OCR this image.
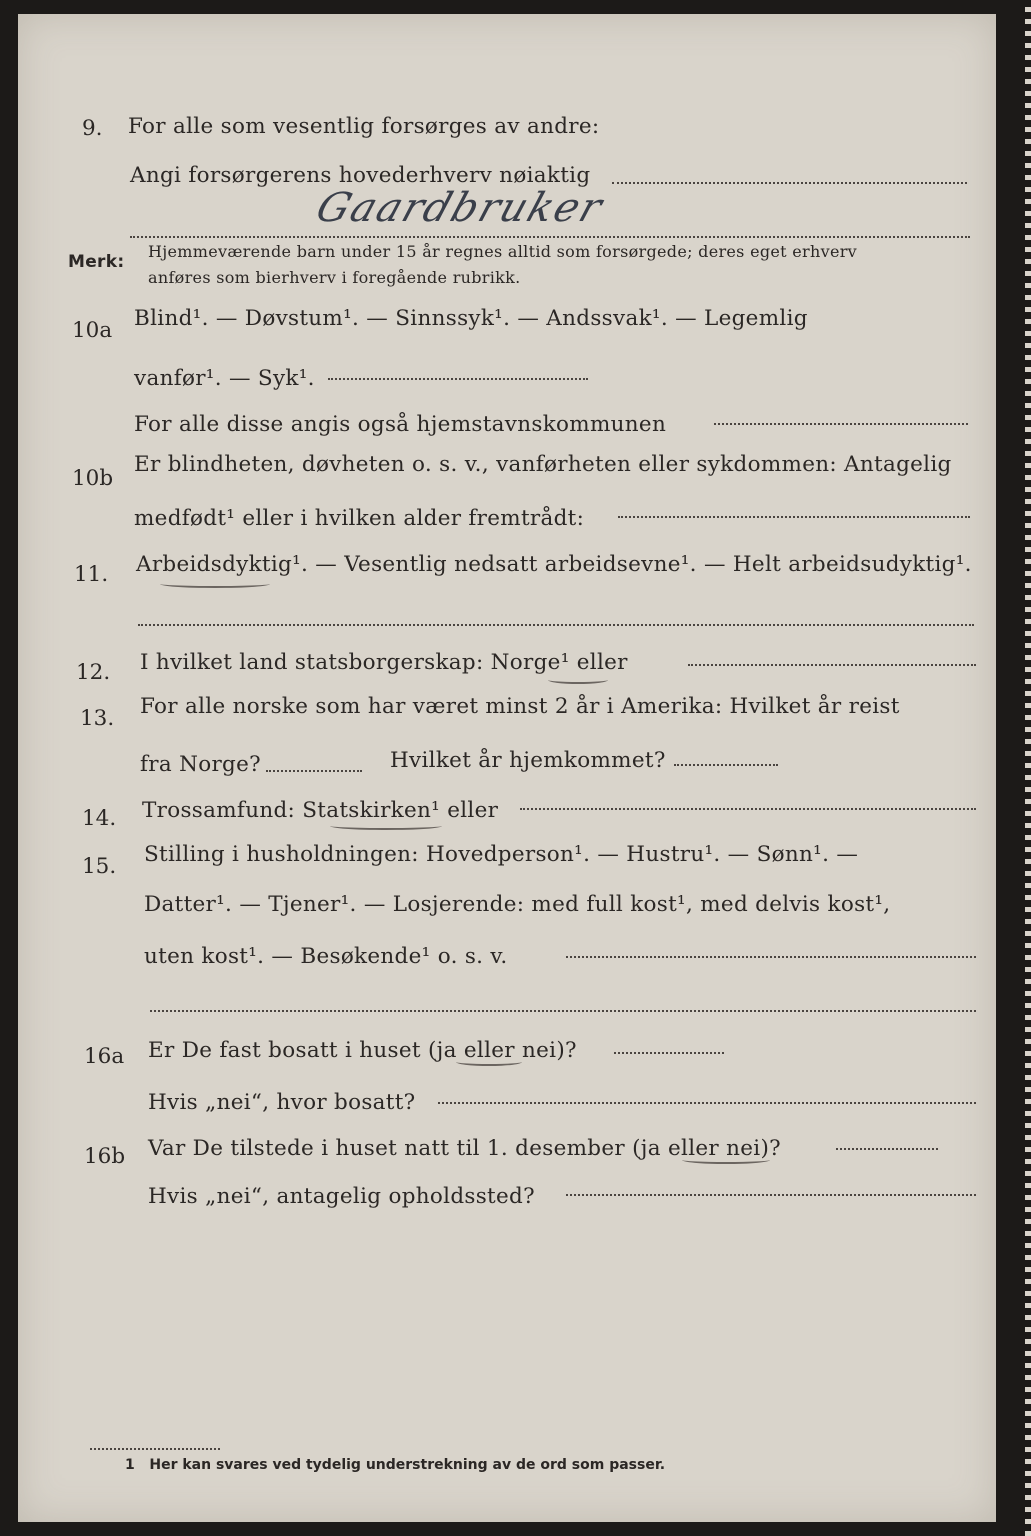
9. For alle som vesentlig forsørges av andre:
Angi forsørgerens hovederhverv nøiaktig
Gaardbruker
Merk:
Hjemmeværende barn under 15 år regnes alltid som forsørgede; deres eget erhverv
anføres som bierhverv i foregående rubrikk.
10a Blind¹. — Døvstum¹. — Sinnssyk¹. — Andssvak¹. — Legemlig
vanfør¹. — Syk¹.
For alle disse angis også hjemstavnskommunen
10b
Er blindheten, døvheten o. s. v., vanførheten eller sykdommen: Antagelig
medfødt¹ eller i hvilken alder fremtrådt:
11. Arbeidsdyktig¹. — Vesentlig nedsatt arbeidsevne¹. — Helt arbeidsudyktig¹.
12. I hvilket land statsborgerskap: Norge¹ eller
13. For alle norske som har været minst 2 år i Amerika: Hvilket år reist
fra Norge?	Hvilket år hjemkommet?
14. Trossamfund: Statskirken¹ eller
15. Stilling i husholdningen: Hovedperson¹. — Hustru¹. — Sønn¹. —
Datter¹. — Tjener¹. — Losjerende: med full kost¹, med delvis kost¹,
uten kost¹. — Besøkende¹ o. s. v.
16a Er De fast bosatt i huset (ja eller nei)?
Hvis „nei“, hvor bosatt?
16b Var De tilstede i huset natt til 1. desember (ja eller nei)?
Hvis „nei“, antagelig opholdssted?
1 Her kan svares ved tydelig understrekning av de ord som passer.
